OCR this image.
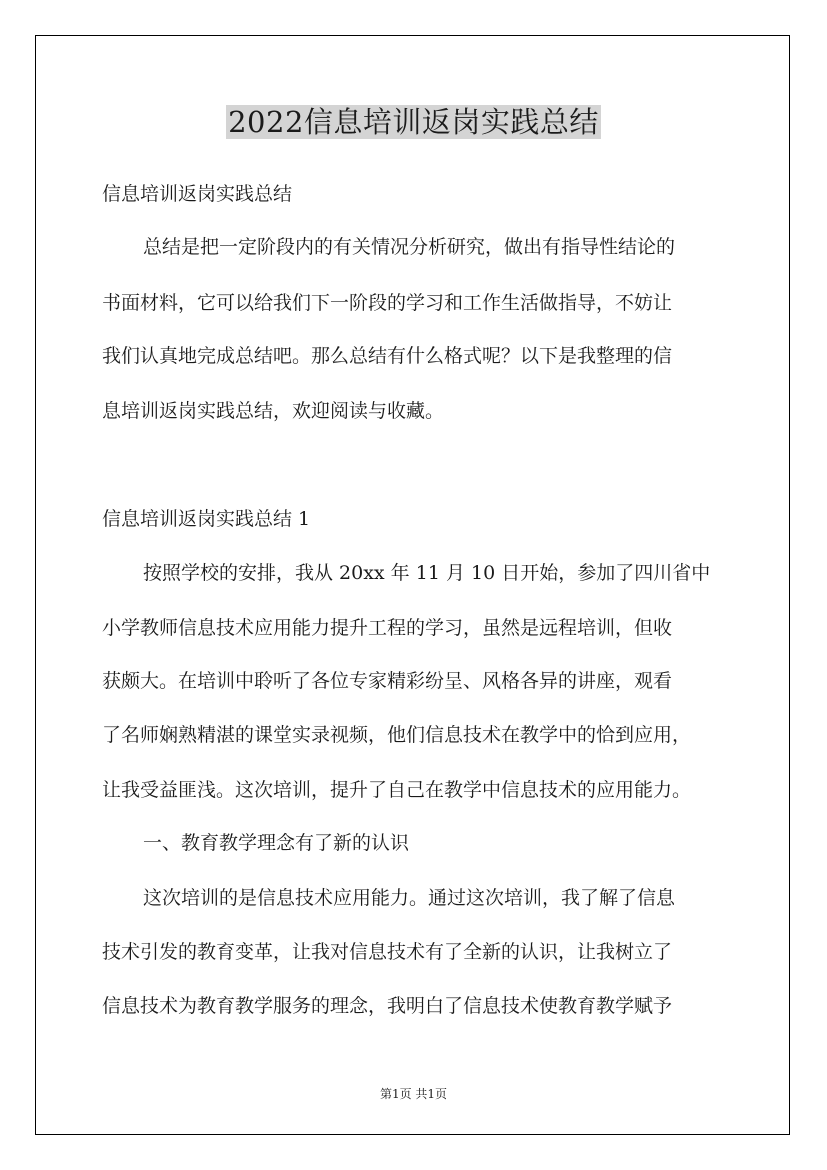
2022信息培训返岗实践总结
信息培训返岗实践总结
总结是把一定阶段内的有关情况分析研究，做出有指导性结论的
书面材料，它可以给我们下一阶段的学习和工作生活做指导，不妨让
我们认真地完成总结吧。那么总结有什么格式呢？以下是我整理的信
息培训返岗实践总结，欢迎阅读与收藏。
信息培训返岗实践总结 1
按照学校的安排，我从 20xx 年 11 月 10 日开始，参加了四川省中
小学教师信息技术应用能力提升工程的学习，虽然是远程培训，但收
获颇大。在培训中聆听了各位专家精彩纷呈、风格各异的讲座，观看
了名师娴熟精湛的课堂实录视频，他们信息技术在教学中的恰到应用，
让我受益匪浅。这次培训，提升了自己在教学中信息技术的应用能力。
一、教育教学理念有了新的认识
这次培训的是信息技术应用能力。通过这次培训，我了解了信息
技术引发的教育变革，让我对信息技术有了全新的认识，让我树立了
信息技术为教育教学服务的理念，我明白了信息技术使教育教学赋予
第1页 共1页
